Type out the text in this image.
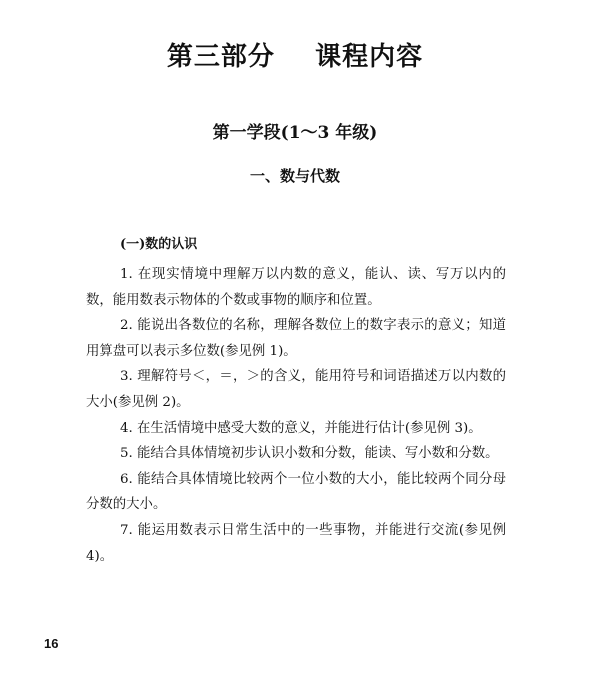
第三部分    课程内容
第一学段(1～3 年级)
一、数与代数
(一)数的认识

1. 在现实情境中理解万以内数的意义，能认、读、写万以内的数，能用数表示物体的个数或事物的顺序和位置。

2. 能说出各数位的名称，理解各数位上的数字表示的意义；知道用算盘可以表示多位数(参见例 1)。

3. 理解符号＜，＝，＞的含义，能用符号和词语描述万以内数的大小(参见例 2)。

4. 在生活情境中感受大数的意义，并能进行估计(参见例 3)。

5. 能结合具体情境初步认识小数和分数，能读、写小数和分数。

6. 能结合具体情境比较两个一位小数的大小，能比较两个同分母分数的大小。

7. 能运用数表示日常生活中的一些事物，并能进行交流(参见例 4)。

16
